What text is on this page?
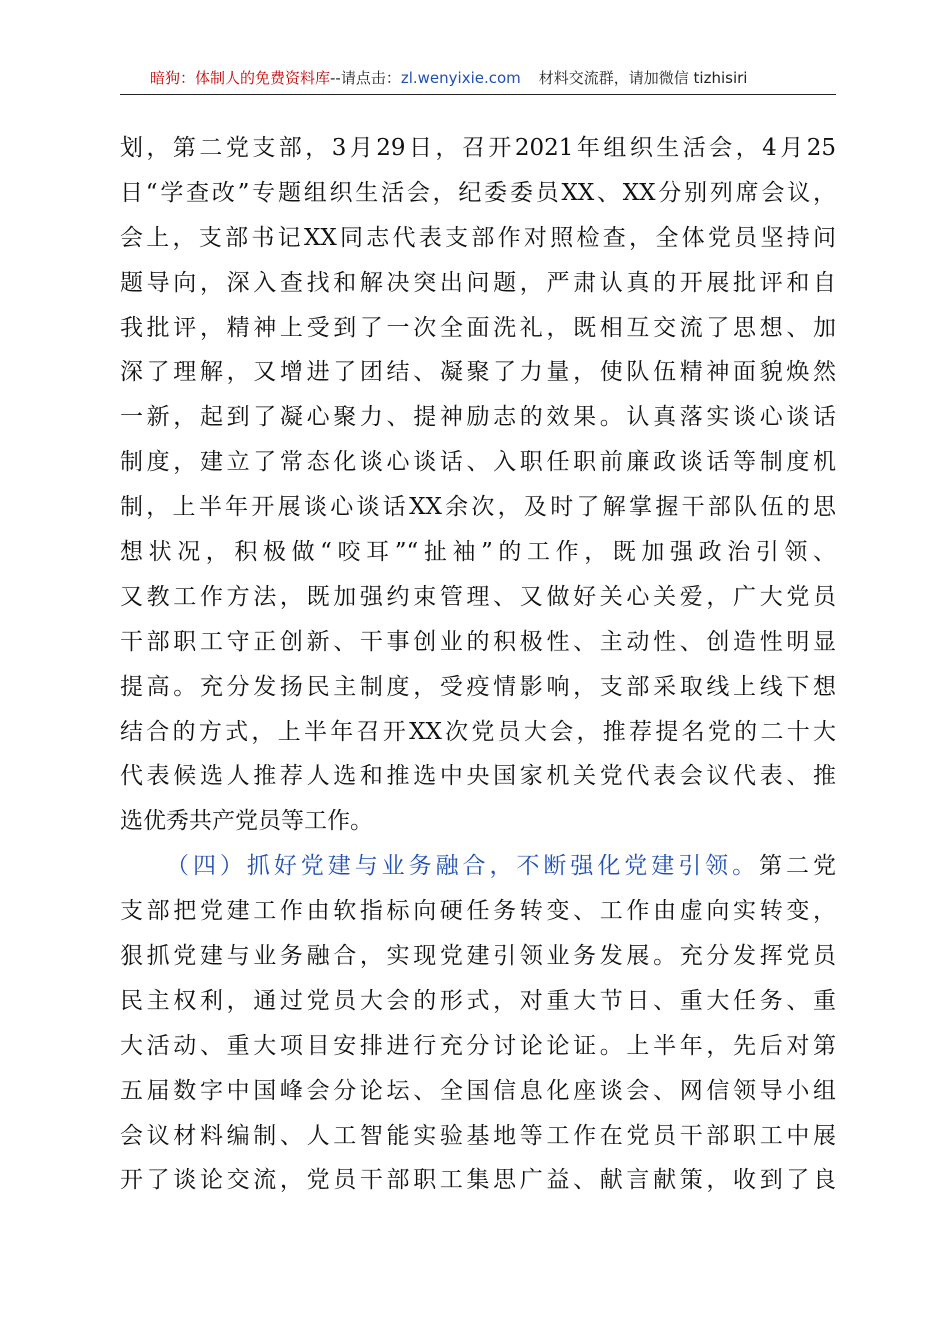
暗狗：体制人的免费资料库--请点击：zl.wenyixie.com 材料交流群，请加微信 tizhisiri

划，第二党支部，3月29日，召开2021年组织生活会，4月25
日“学查改”专题组织生活会，纪委委员XX、XX分别列席会议，
会上，支部书记XX同志代表支部作对照检查，全体党员坚持问
题导向，深入查找和解决突出问题，严肃认真的开展批评和自
我批评，精神上受到了一次全面洗礼，既相互交流了思想、加
深了理解，又增进了团结、凝聚了力量，使队伍精神面貌焕然
一新，起到了凝心聚力、提神励志的效果。认真落实谈心谈话
制度，建立了常态化谈心谈话、入职任职前廉政谈话等制度机
制，上半年开展谈心谈话XX余次，及时了解掌握干部队伍的思
想状况，积极做“咬耳”“扯袖”的工作，既加强政治引领、
又教工作方法，既加强约束管理、又做好关心关爱，广大党员
干部职工守正创新、干事创业的积极性、主动性、创造性明显
提高。充分发扬民主制度，受疫情影响，支部采取线上线下想
结合的方式，上半年召开XX次党员大会，推荐提名党的二十大
代表候选人推荐人选和推选中央国家机关党代表会议代表、推
选优秀共产党员等工作。

（四）抓好党建与业务融合，不断强化党建引领。第二党
支部把党建工作由软指标向硬任务转变、工作由虚向实转变，
狠抓党建与业务融合，实现党建引领业务发展。充分发挥党员
民主权利，通过党员大会的形式，对重大节日、重大任务、重
大活动、重大项目安排进行充分讨论论证。上半年，先后对第
五届数字中国峰会分论坛、全国信息化座谈会、网信领导小组
会议材料编制、人工智能实验基地等工作在党员干部职工中展
开了谈论交流，党员干部职工集思广益、献言献策，收到了良
